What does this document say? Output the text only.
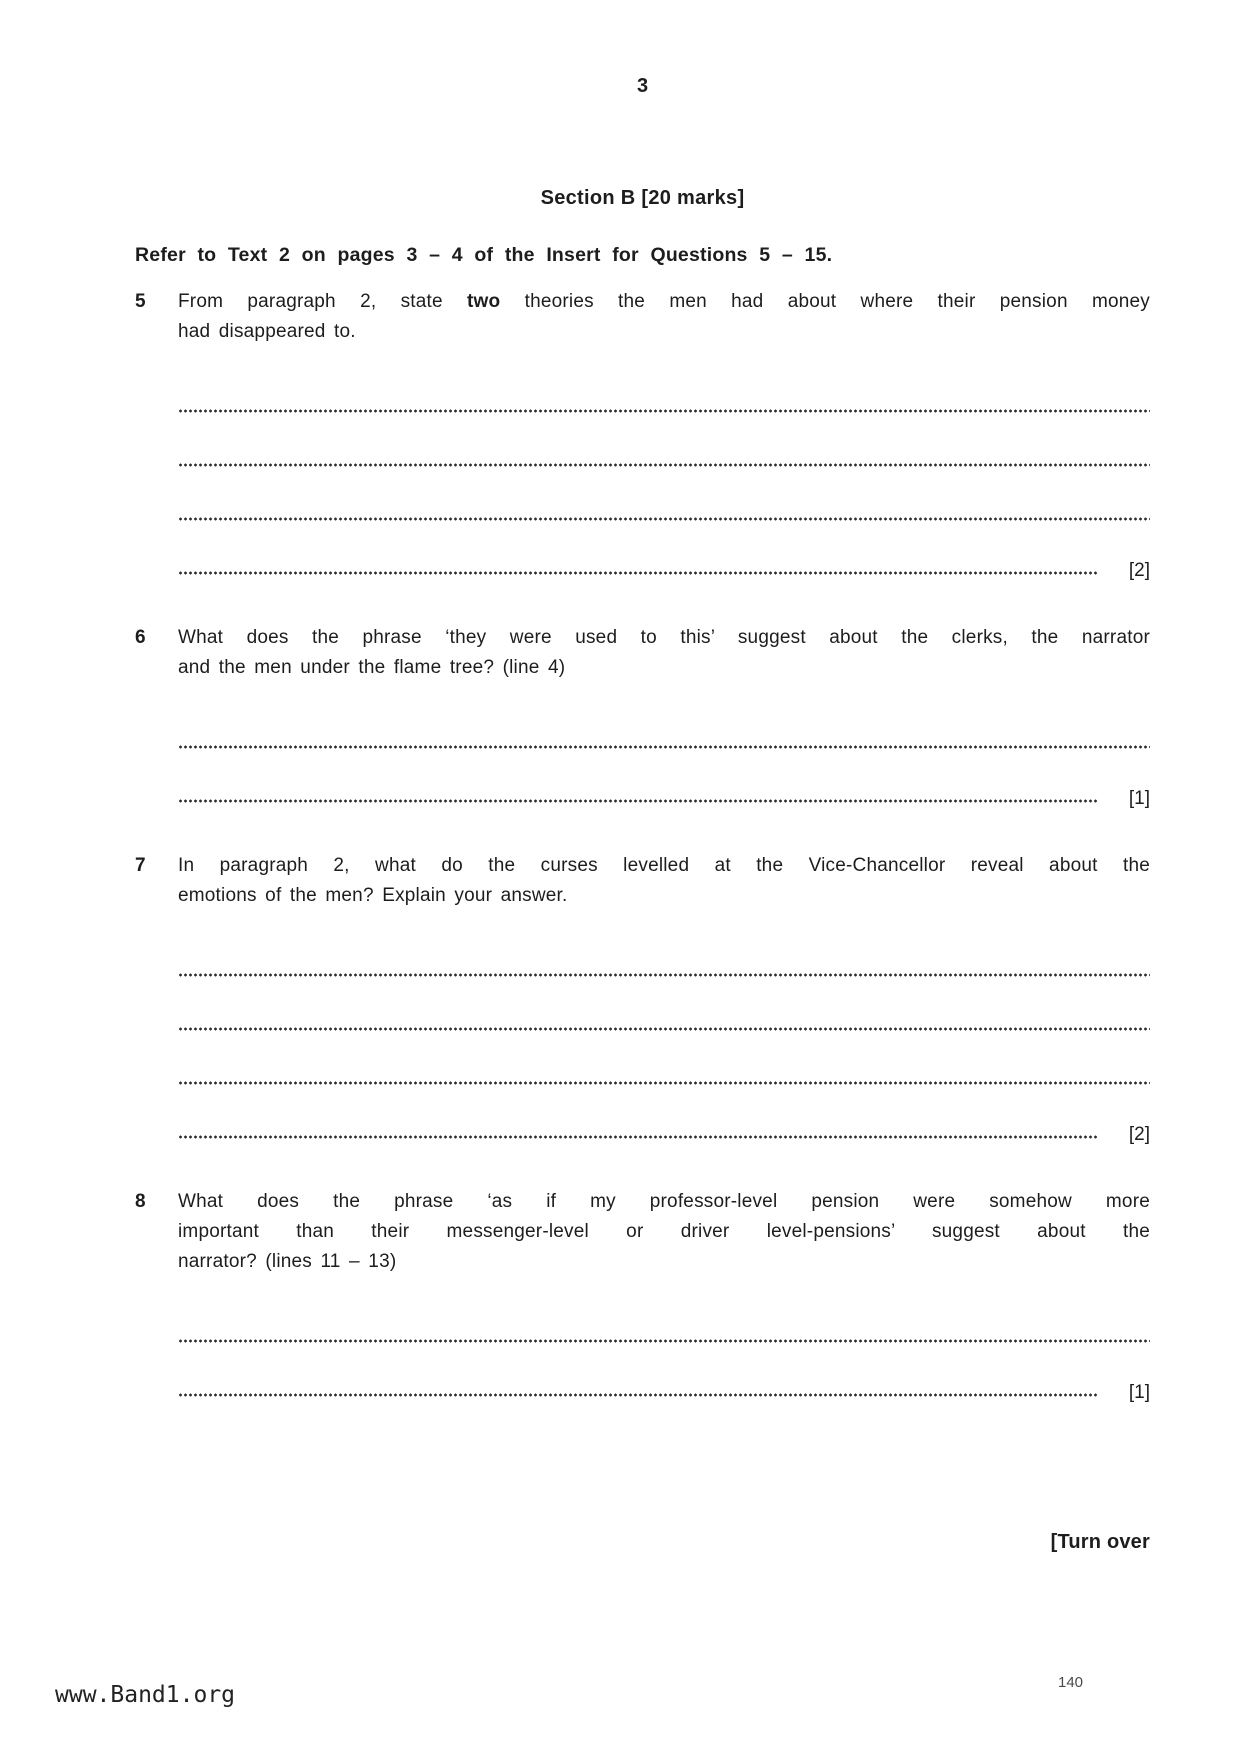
3
Section B [20 marks]
Refer to Text 2 on pages 3 – 4 of the Insert for Questions 5 – 15.
5	From paragraph 2, state two theories the men had about where their pension money
had disappeared to.
[2]
6	What does the phrase ‘they were used to this’ suggest about the clerks, the narrator
and the men under the flame tree? (line 4)
[1]
7	In paragraph 2, what do the curses levelled at the Vice-Chancellor reveal about the
emotions of the men? Explain your answer.
[2]
8	What does the phrase ‘as if my professor-level pension were somehow more
important than their messenger-level or driver level-pensions’ suggest about the
narrator? (lines 11 – 13)
[1]
[Turn over
www.Band1.org	140
